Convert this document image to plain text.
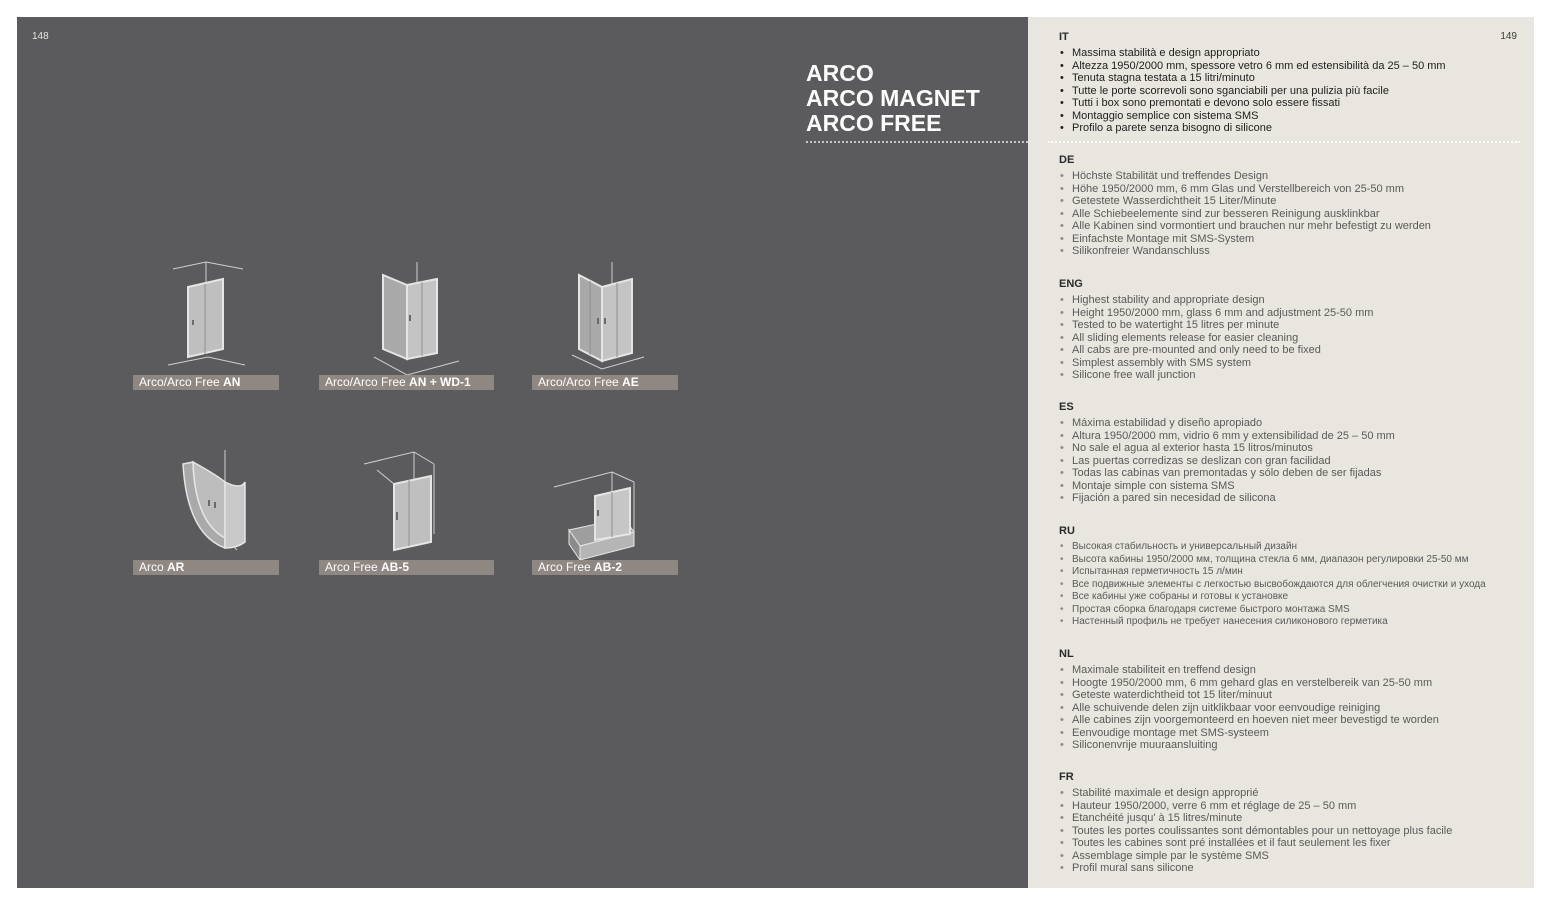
148
ARCO
ARCO MAGNET
ARCO FREE
Arco/Arco Free AN	Arco/Arco Free AN + WD-1	Arco/Arco Free AE
Arco AR	Arco Free AB-5	Arco Free AB-2
149
IT
• Massima stabilità e design appropriato
• Altezza 1950/2000 mm, spessore vetro 6 mm ed estensibilità da 25 – 50 mm
• Tenuta stagna testata a 15 litri/minuto
• Tutte le porte scorrevoli sono sganciabili per una pulizia più facile
• Tutti i box sono premontati e devono solo essere fissati
• Montaggio semplice con sistema SMS
• Profilo a parete senza bisogno di silicone
DE
• Höchste Stabilität und treffendes Design
• Höhe 1950/2000 mm, 6 mm Glas und Verstellbereich von 25-50 mm
• Getestete Wasserdichtheit 15 Liter/Minute
• Alle Schiebeelemente sind zur besseren Reinigung ausklinkbar
• Alle Kabinen sind vormontiert und brauchen nur mehr befestigt zu werden
• Einfachste Montage mit SMS-System
• Silikonfreier Wandanschluss
ENG
• Highest stability and appropriate design
• Height 1950/2000 mm, glass 6 mm and adjustment 25-50 mm
• Tested to be watertight 15 litres per minute
• All sliding elements release for easier cleaning
• All cabs are pre-mounted and only need to be fixed
• Simplest assembly with SMS system
• Silicone free wall junction
ES
• Máxima estabilidad y diseño apropiado
• Altura 1950/2000 mm, vidrio 6 mm y extensibilidad de 25 – 50 mm
• No sale el agua al exterior hasta 15 litros/minutos
• Las puertas corredizas se deslizan con gran facilidad
• Todas las cabinas van premontadas y sólo deben de ser fijadas
• Montaje simple con sistema SMS
• Fijación a pared sin necesidad de silicona
RU
• Высокая стабильность и универсальный дизайн
• Высота кабины 1950/2000 мм, толщина стекла 6 мм, диапазон регулировки 25-50 мм
• Испытанная герметичность 15 л/мин
• Все подвижные элементы с легкостью высвобождаются для облегчения очистки и ухода
• Все кабины уже собраны и готовы к установке
• Простая сборка благодаря системе быстрого монтажа SMS
• Настенный профиль не требует нанесения силиконового герметика
NL
• Maximale stabiliteit en treffend design
• Hoogte 1950/2000 mm, 6 mm gehard glas en verstelbereik van 25-50 mm
• Geteste waterdichtheid tot 15 liter/minuut
• Alle schuivende delen zijn uitklikbaar voor eenvoudige reiniging
• Alle cabines zijn voorgemonteerd en hoeven niet meer bevestigd te worden
• Eenvoudige montage met SMS-systeem
• Siliconenvrije muuraansluiting
FR
• Stabilité maximale et design approprié
• Hauteur 1950/2000, verre 6 mm et réglage de 25 – 50 mm
• Etanchéité jusqu' à 15 litres/minute
• Toutes les portes coulissantes sont démontables pour un nettoyage plus facile
• Toutes les cabines sont pré installées et il faut seulement les fixer
• Assemblage simple par le système SMS
• Profil mural sans silicone
